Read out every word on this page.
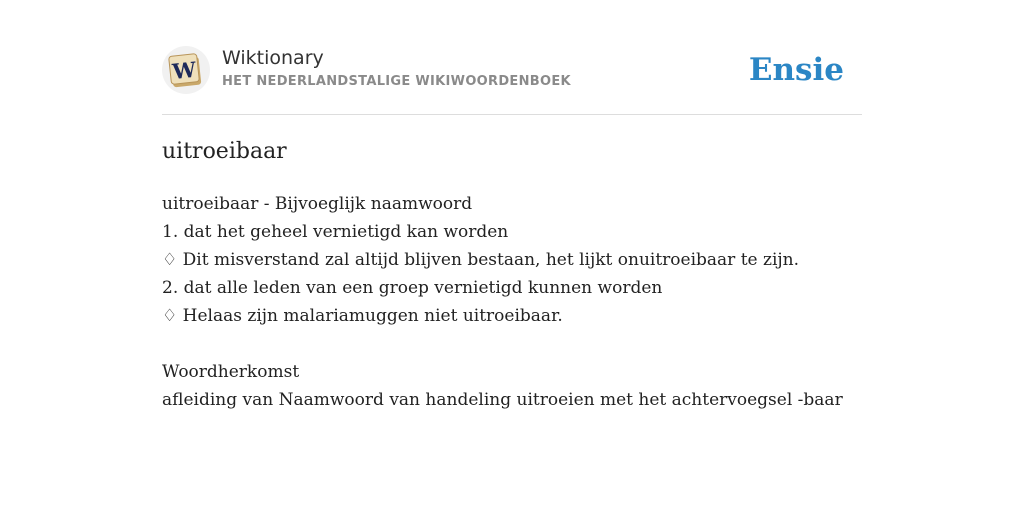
W Wiktionary
HET NEDERLANDSTALIGE WIKIWOORDENBOEK	Ensie
uitroeibaar
uitroeibaar - Bijvoeglijk naamwoord
1. dat het geheel vernietigd kan worden
♢ Dit misverstand zal altijd blijven bestaan, het lijkt onuitroeibaar te zijn.
2. dat alle leden van een groep vernietigd kunnen worden
♢ Helaas zijn malariamuggen niet uitroeibaar.
Woordherkomst
afleiding van Naamwoord van handeling uitroeien met het achtervoegsel -baar
